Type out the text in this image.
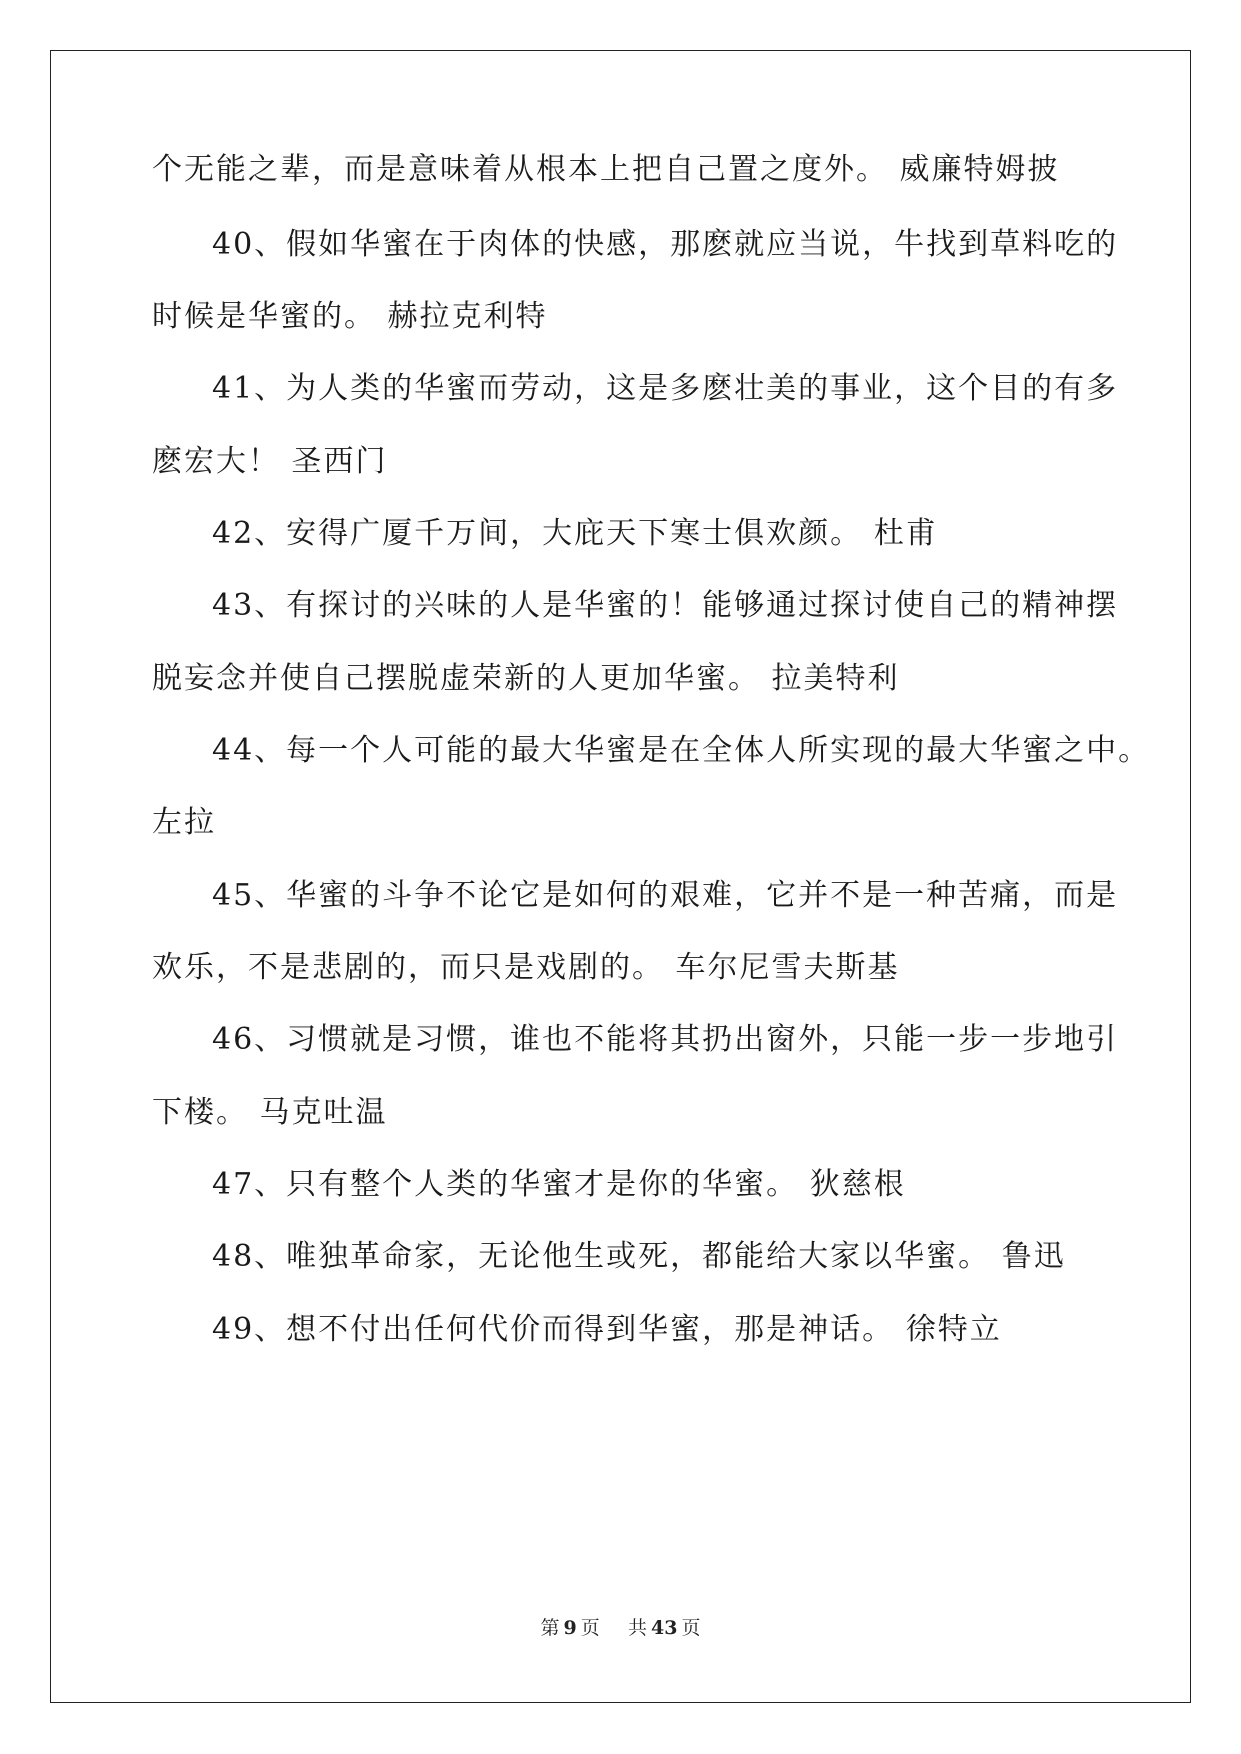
个无能之辈，而是意味着从根本上把自己置之度外。 威廉特姆披
40、假如华蜜在于肉体的快感，那麽就应当说，牛找到草料吃的
时候是华蜜的。 赫拉克利特
41、为人类的华蜜而劳动，这是多麽壮美的事业，这个目的有多
麽宏大！ 圣西门
42、安得广厦千万间，大庇天下寒士俱欢颜。 杜甫
43、有探讨的兴味的人是华蜜的！能够通过探讨使自己的精神摆
脱妄念并使自己摆脱虚荣新的人更加华蜜。 拉美特利
44、每一个人可能的最大华蜜是在全体人所实现的最大华蜜之中。
左拉
45、华蜜的斗争不论它是如何的艰难，它并不是一种苦痛，而是
欢乐，不是悲剧的，而只是戏剧的。 车尔尼雪夫斯基
46、习惯就是习惯，谁也不能将其扔出窗外，只能一步一步地引
下楼。 马克吐温
47、只有整个人类的华蜜才是你的华蜜。 狄慈根
48、唯独革命家，无论他生或死，都能给大家以华蜜。 鲁迅
49、想不付出任何代价而得到华蜜，那是神话。 徐特立
第 9 页 共 43 页
